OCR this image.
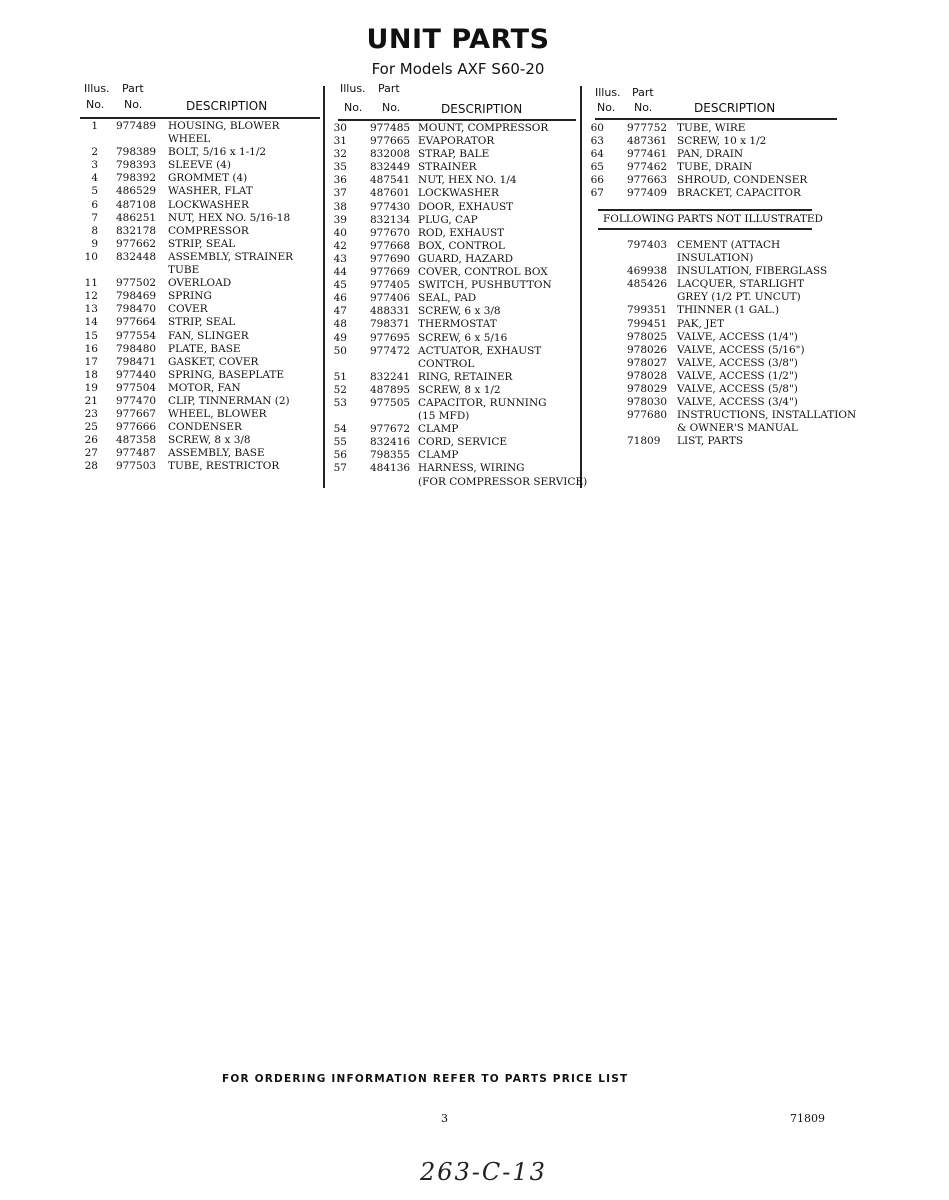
UNIT PARTS
For Models AXF S60-20
Illus. Part
No. No.	DESCRIPTION
Illus. Part
No. No.	DESCRIPTION
Illus. Part
No. No.	DESCRIPTION
1 977489 HOUSING, BLOWER
WHEEL
2 798389 BOLT, 5/16 x 1-1/2
3 798393 SLEEVE (4)
4 798392 GROMMET (4)
5 486529 WASHER, FLAT
6 487108 LOCKWASHER
7 486251 NUT, HEX NO. 5/16-18
8 832178 COMPRESSOR
9 977662 STRIP, SEAL
10 832448 ASSEMBLY, STRAINER
TUBE
11 977502 OVERLOAD
12 798469 SPRING
13 798470 COVER
14 977664 STRIP, SEAL
15 977554 FAN, SLINGER
16 798480 PLATE, BASE
17 798471 GASKET, COVER
18 977440 SPRING, BASEPLATE
19 977504 MOTOR, FAN
21 977470 CLIP, TINNERMAN (2)
23 977667 WHEEL, BLOWER
25 977666 CONDENSER
26 487358 SCREW, 8 x 3/8
27 977487 ASSEMBLY, BASE
28 977503 TUBE, RESTRICTOR
30 977485 MOUNT, COMPRESSOR
31 977665 EVAPORATOR
32 832008 STRAP, BALE
35 832449 STRAINER
36 487541 NUT, HEX NO. 1/4
37 487601 LOCKWASHER
38 977430 DOOR, EXHAUST
39 832134 PLUG, CAP
40 977670 ROD, EXHAUST
42 977668 BOX, CONTROL
43 977690 GUARD, HAZARD
44 977669 COVER, CONTROL BOX
45 977405 SWITCH, PUSHBUTTON
46 977406 SEAL, PAD
47 488331 SCREW, 6 x 3/8
48 798371 THERMOSTAT
49 977695 SCREW, 6 x 5/16
50 977472 ACTUATOR, EXHAUST
CONTROL
51 832241 RING, RETAINER
52 487895 SCREW, 8 x 1/2
53 977505 CAPACITOR, RUNNING
(15 MFD)
54 977672 CLAMP
55 832416 CORD, SERVICE
56 798355 CLAMP
57 484136 HARNESS, WIRING
(FOR COMPRESSOR SERVICE)
60 977752 TUBE, WIRE
63 487361 SCREW, 10 x 1/2
64 977461 PAN, DRAIN
65 977462 TUBE, DRAIN
66 977663 SHROUD, CONDENSER
67 977409 BRACKET, CAPACITOR
FOLLOWING PARTS NOT ILLUSTRATED
797403 CEMENT (ATTACH
INSULATION)
469938 INSULATION, FIBERGLASS
485426 LACQUER, STARLIGHT
GREY (1/2 PT. UNCUT)
799351 THINNER (1 GAL.)
799451 PAK, JET
978025 VALVE, ACCESS (1/4")
978026 VALVE, ACCESS (5/16")
978027 VALVE, ACCESS (3/8")
978028 VALVE, ACCESS (1/2")
978029 VALVE, ACCESS (5/8")
978030 VALVE, ACCESS (3/4")
977680 INSTRUCTIONS, INSTALLATION
& OWNER'S MANUAL
71809 LIST, PARTS
FOR ORDERING INFORMATION REFER TO PARTS PRICE LIST
3	71809
263-C-13
